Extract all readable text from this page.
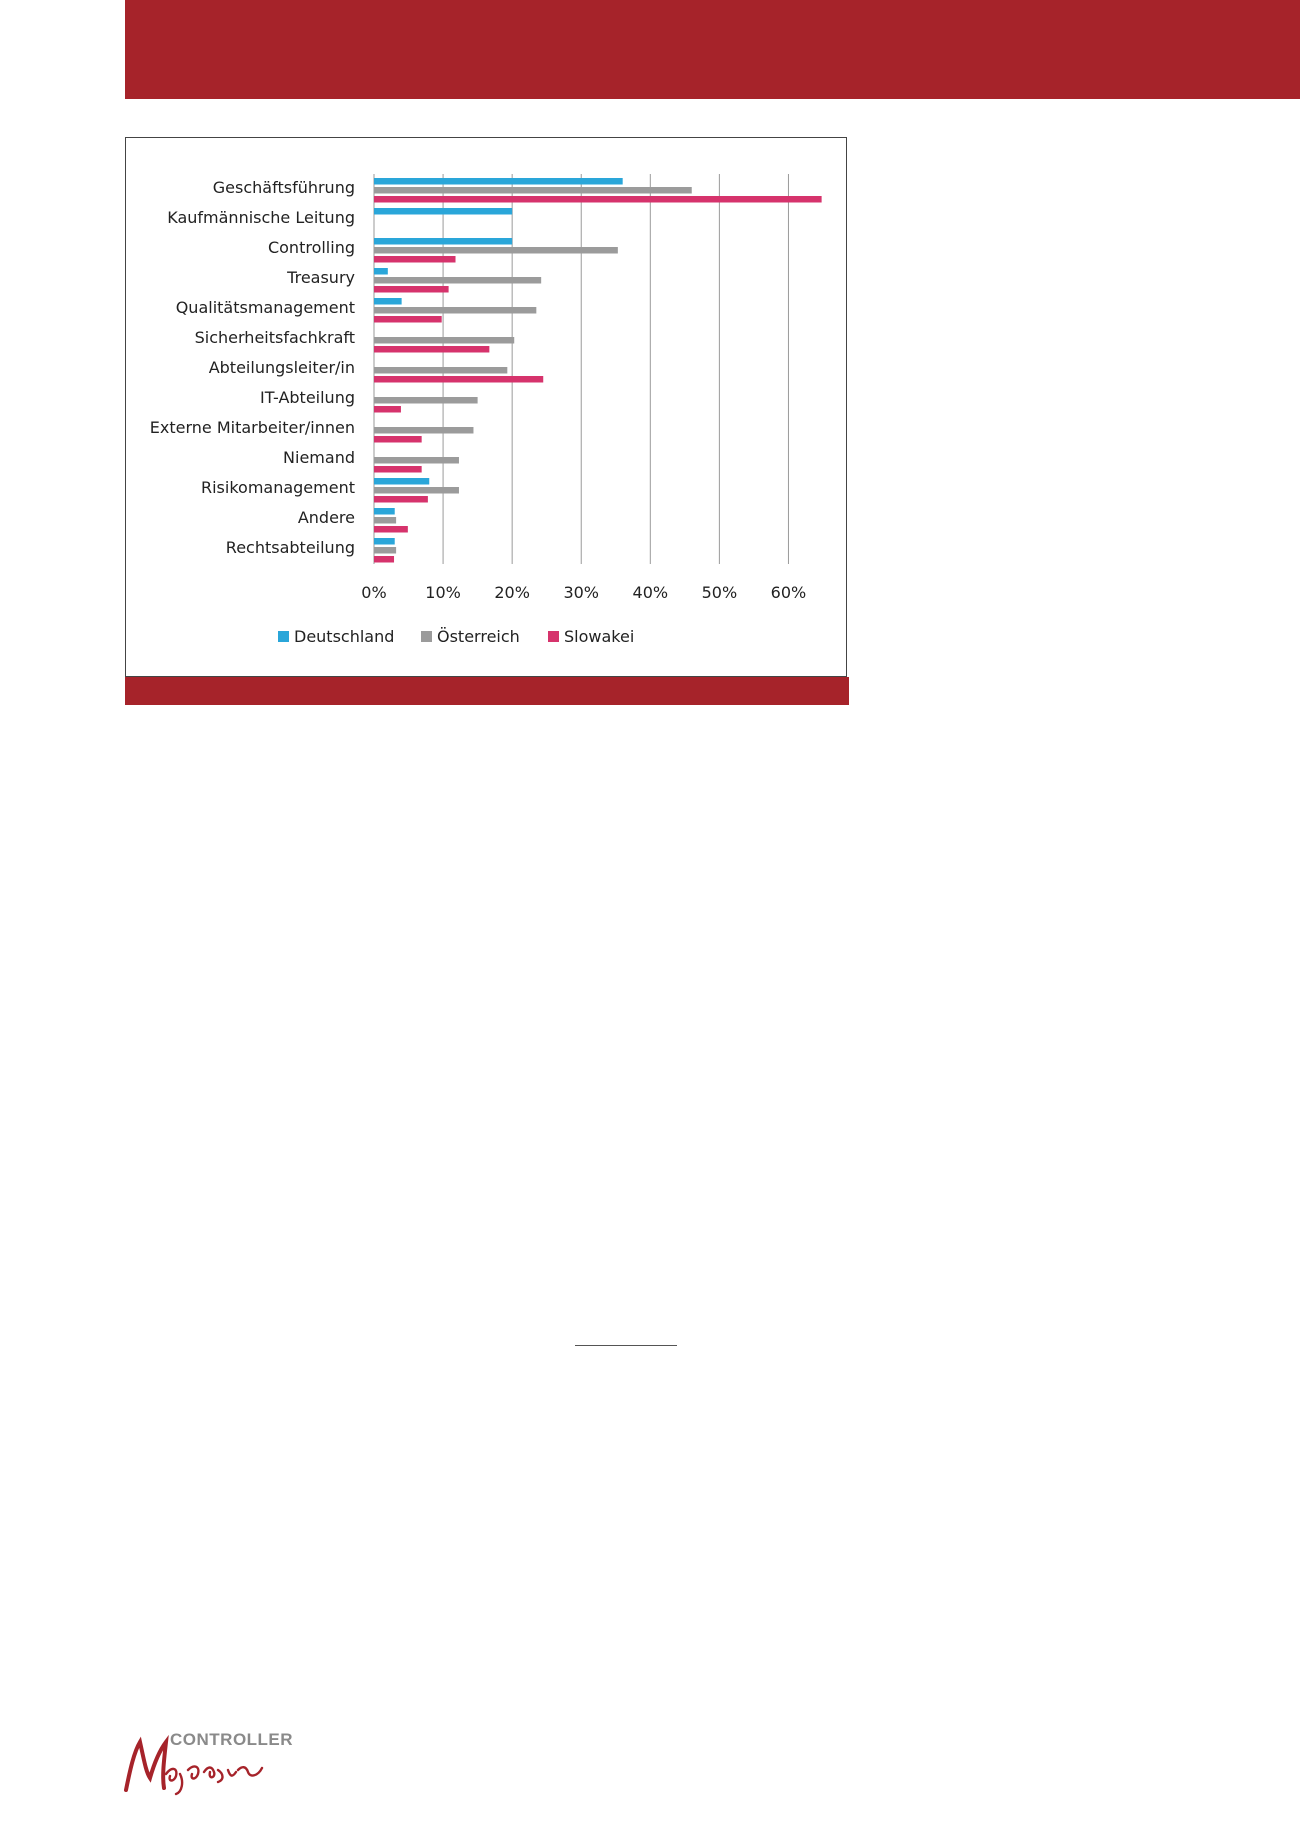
Geschäftsführung
Kaufmännische Leitung
Controlling
Treasury
Qualitätsmanagement
Sicherheitsfachkraft
Abteilungsleiter/in
IT-Abteilung
Externe Mitarbeiter/innen
Niemand
Risikomanagement
Andere
Rechtsabteilung
0% 10% 20% 30% 40% 50% 60%
Deutschland	Österreich	Slowakei
CONTROLLER
